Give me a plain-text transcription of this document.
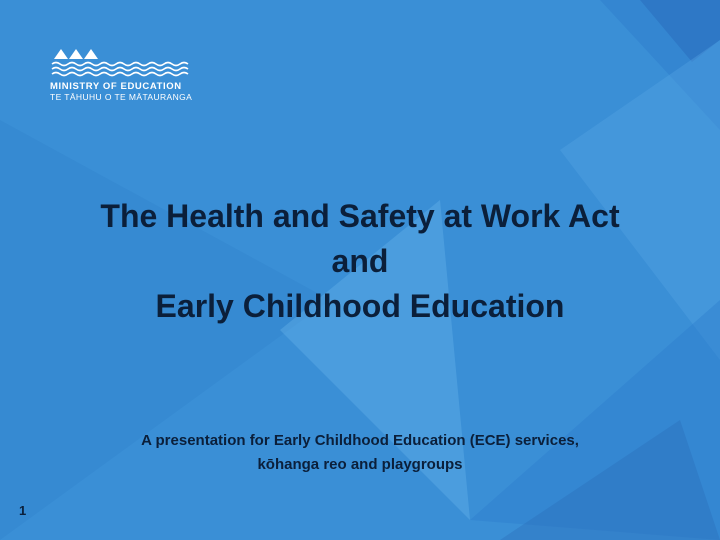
MINISTRY OF EDUCATION
TE TĀHUHU O TE MĀTAURANGA
The Health and Safety at Work Act
and
Early Childhood Education
A presentation for Early Childhood Education (ECE) services,
kōhanga reo and playgroups
1
